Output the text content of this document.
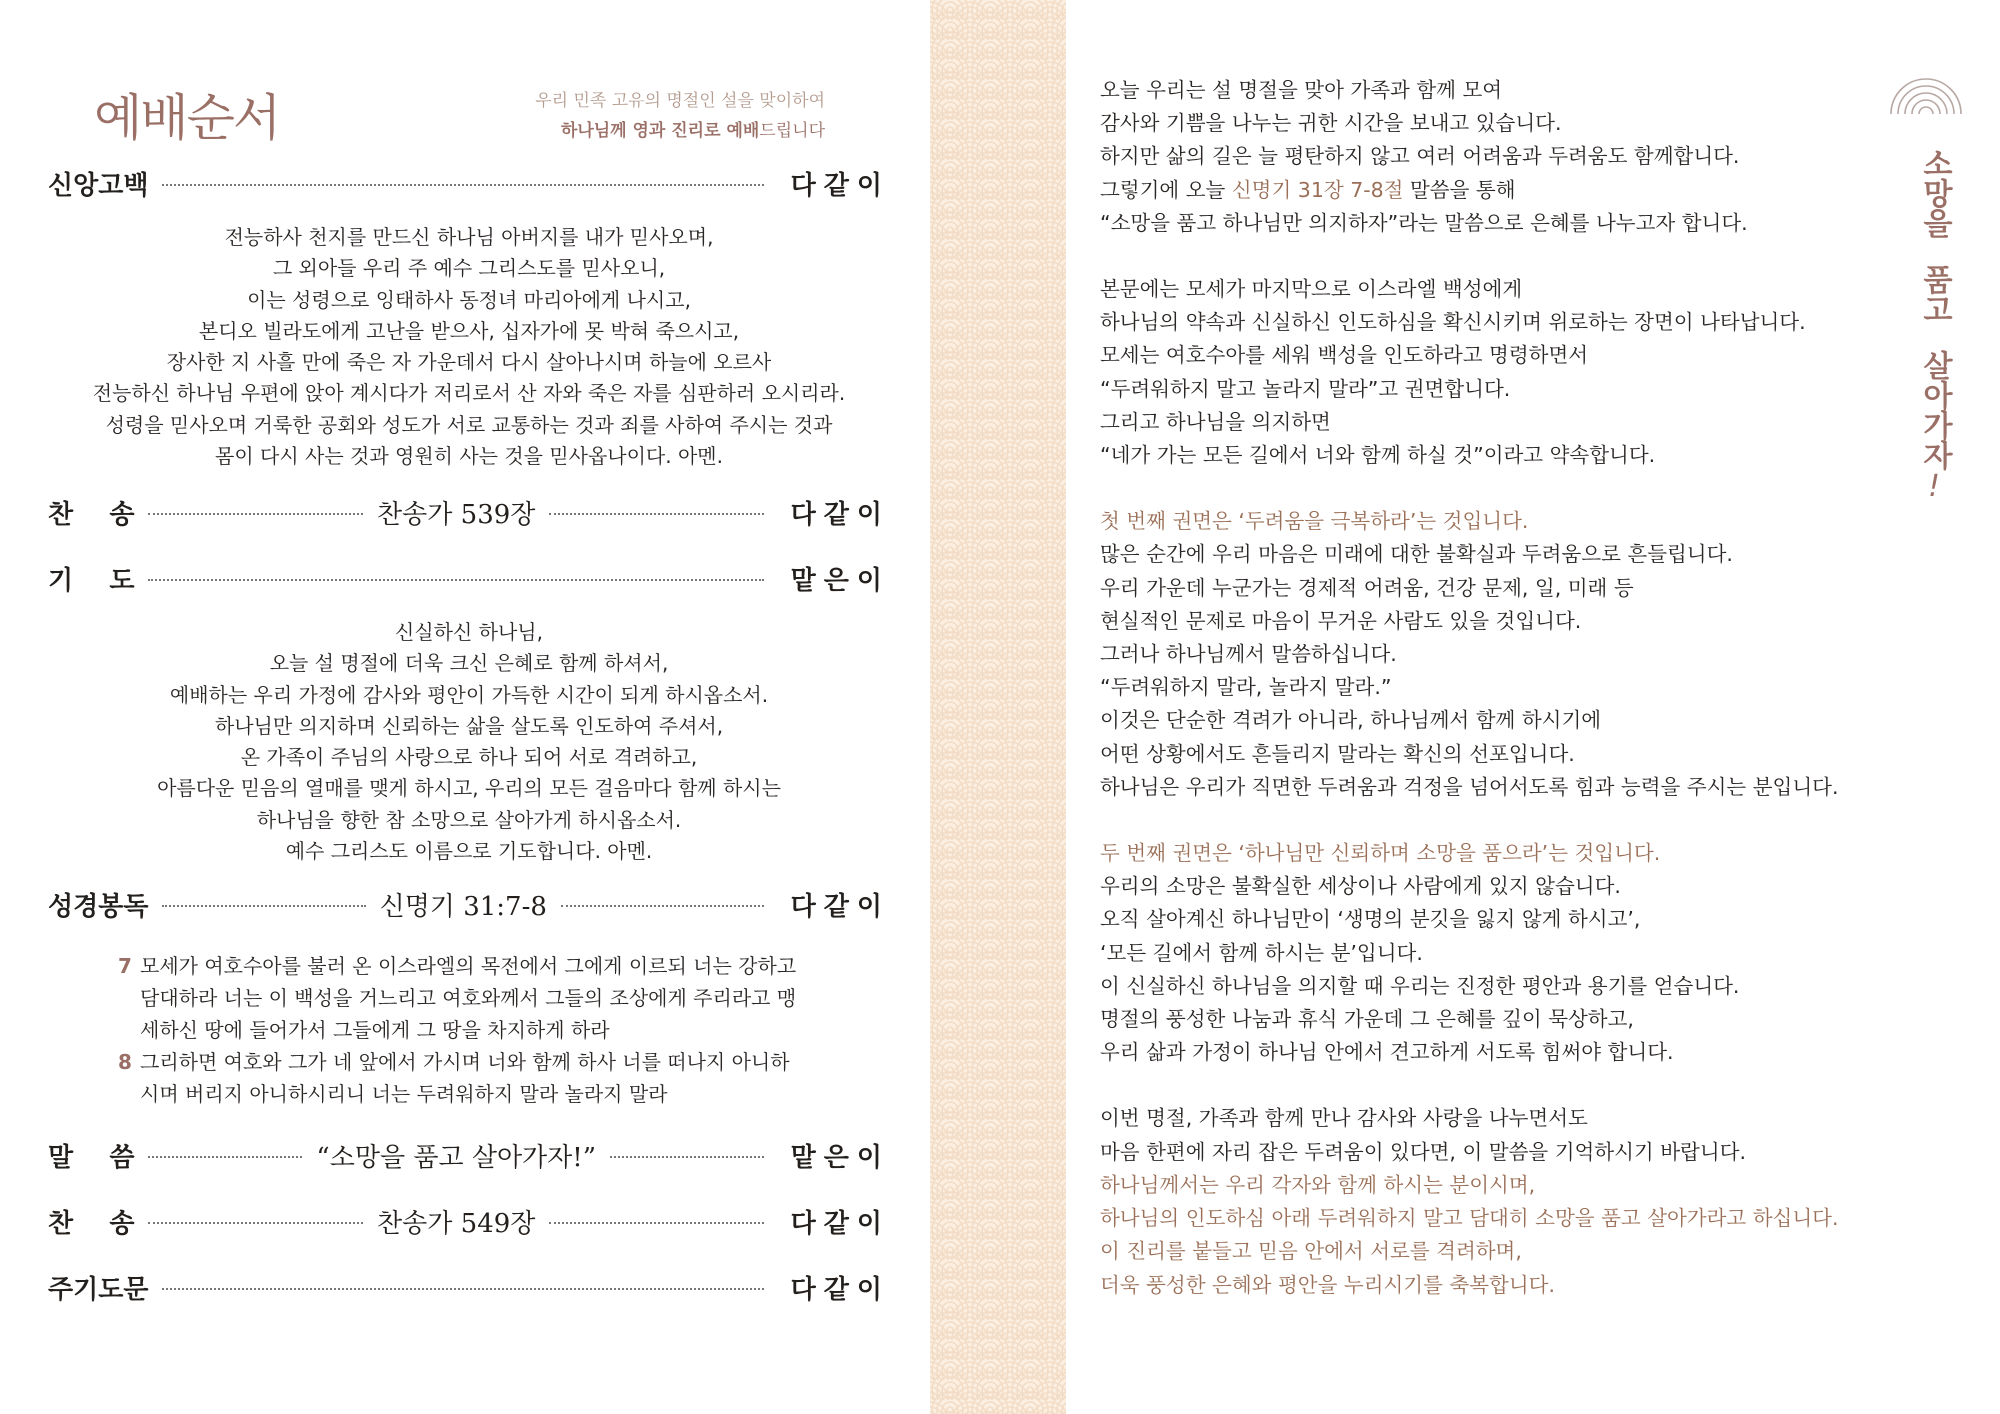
예배순서	우리 민족 고유의 명절인 설을 맞이하여
하나님께 영과 진리로 예배드립니다
신앙고백	다같이
전능하사 천지를 만드신 하나님 아버지를 내가 믿사오며,
그 외아들 우리 주 예수 그리스도를 믿사오니,
이는 성령으로 잉태하사 동정녀 마리아에게 나시고,
본디오 빌라도에게 고난을 받으사, 십자가에 못 박혀 죽으시고,
장사한 지 사흘 만에 죽은 자 가운데서 다시 살아나시며 하늘에 오르사
전능하신 하나님 우편에 앉아 계시다가 저리로서 산 자와 죽은 자를 심판하러 오시리라.
성령을 믿사오며 거룩한 공회와 성도가 서로 교통하는 것과 죄를 사하여 주시는 것과
몸이 다시 사는 것과 영원히 사는 것을 믿사옵나이다. 아멘.
찬    송	찬송가 539장	다같이
기    도	맡은이
신실하신 하나님,
오늘 설 명절에 더욱 크신 은혜로 함께 하셔서,
예배하는 우리 가정에 감사와 평안이 가득한 시간이 되게 하시옵소서.
하나님만 의지하며 신뢰하는 삶을 살도록 인도하여 주셔서,
온 가족이 주님의 사랑으로 하나 되어 서로 격려하고,
아름다운 믿음의 열매를 맺게 하시고, 우리의 모든 걸음마다 함께 하시는
하나님을 향한 참 소망으로 살아가게 하시옵소서.
예수 그리스도 이름으로 기도합니다. 아멘.
성경봉독	신명기 31:7-8	다같이
7 모세가 여호수아를 불러 온 이스라엘의 목전에서 그에게 이르되 너는 강하고
담대하라 너는 이 백성을 거느리고 여호와께서 그들의 조상에게 주리라고 맹
세하신 땅에 들어가서 그들에게 그 땅을 차지하게 하라
8 그리하면 여호와 그가 네 앞에서 가시며 너와 함께 하사 너를 떠나지 아니하
시며 버리지 아니하시리니 너는 두려워하지 말라 놀라지 말라
말    씀	“소망을 품고 살아가자!”	맡은이
찬    송	찬송가 549장	다같이
주기도문	다같이
소망을
품고
살아가자
!
오늘 우리는 설 명절을 맞아 가족과 함께 모여
감사와 기쁨을 나누는 귀한 시간을 보내고 있습니다.
하지만 삶의 길은 늘 평탄하지 않고 여러 어려움과 두려움도 함께합니다.
그렇기에 오늘 신명기 31장 7-8절 말씀을 통해
“소망을 품고 하나님만 의지하자”라는 말씀으로 은혜를 나누고자 합니다.
본문에는 모세가 마지막으로 이스라엘 백성에게
하나님의 약속과 신실하신 인도하심을 확신시키며 위로하는 장면이 나타납니다.
모세는 여호수아를 세워 백성을 인도하라고 명령하면서
“두려워하지 말고 놀라지 말라”고 권면합니다.
그리고 하나님을 의지하면
“네가 가는 모든 길에서 너와 함께 하실 것”이라고 약속합니다.
첫 번째 권면은 ‘두려움을 극복하라’는 것입니다.
많은 순간에 우리 마음은 미래에 대한 불확실과 두려움으로 흔들립니다.
우리 가운데 누군가는 경제적 어려움, 건강 문제, 일, 미래 등
현실적인 문제로 마음이 무거운 사람도 있을 것입니다.
그러나 하나님께서 말씀하십니다.
“두려워하지 말라, 놀라지 말라.”
이것은 단순한 격려가 아니라, 하나님께서 함께 하시기에
어떤 상황에서도 흔들리지 말라는 확신의 선포입니다.
하나님은 우리가 직면한 두려움과 걱정을 넘어서도록 힘과 능력을 주시는 분입니다.
두 번째 권면은 ‘하나님만 신뢰하며 소망을 품으라’는 것입니다.
우리의 소망은 불확실한 세상이나 사람에게 있지 않습니다.
오직 살아계신 하나님만이 ‘생명의 분깃을 잃지 않게 하시고’,
‘모든 길에서 함께 하시는 분’입니다.
이 신실하신 하나님을 의지할 때 우리는 진정한 평안과 용기를 얻습니다.
명절의 풍성한 나눔과 휴식 가운데 그 은혜를 깊이 묵상하고,
우리 삶과 가정이 하나님 안에서 견고하게 서도록 힘써야 합니다.
이번 명절, 가족과 함께 만나 감사와 사랑을 나누면서도
마음 한편에 자리 잡은 두려움이 있다면, 이 말씀을 기억하시기 바랍니다.
하나님께서는 우리 각자와 함께 하시는 분이시며,
하나님의 인도하심 아래 두려워하지 말고 담대히 소망을 품고 살아가라고 하십니다.
이 진리를 붙들고 믿음 안에서 서로를 격려하며,
더욱 풍성한 은혜와 평안을 누리시기를 축복합니다.
